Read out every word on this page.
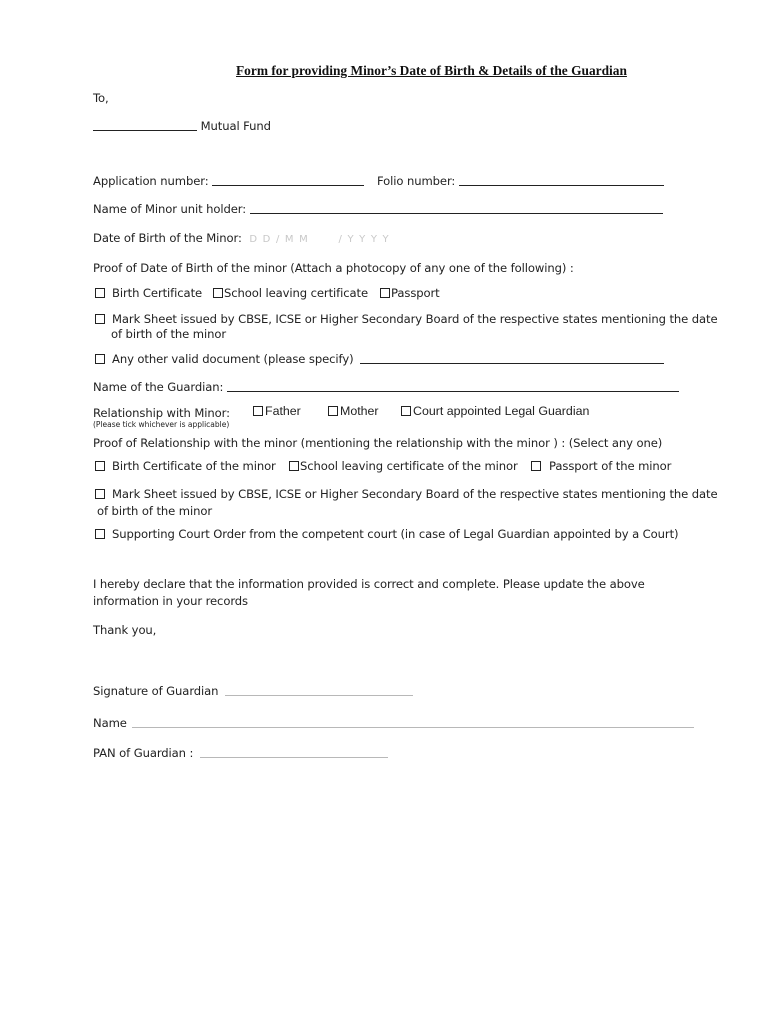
Form for providing Minor’s Date of Birth & Details of the Guardian
To,
Mutual Fund
Application number:	Folio number:
Name of Minor unit holder:
Date of Birth of the Minor: D D / M M	/ Y Y Y Y
Proof of Date of Birth of the minor (Attach a photocopy of any one of the following) :
Birth Certificate	School leaving certificate	Passport
Mark Sheet issued by CBSE, ICSE or Higher Secondary Board of the respective states mentioning the date
of birth of the minor
Any other valid document (please specify)
Name of the Guardian:
Relationship with Minor:
(Please tick whichever is applicable)
Father	Mother	Court appointed Legal Guardian
Proof of Relationship with the minor (mentioning the relationship with the minor ) : (Select any one)
Birth Certificate of the minor	School leaving certificate of the minor	Passport of the minor
Mark Sheet issued by CBSE, ICSE or Higher Secondary Board of the respective states mentioning the date
of birth of the minor
Supporting Court Order from the competent court (in case of Legal Guardian appointed by a Court)
I hereby declare that the information provided is correct and complete. Please update the above
information in your records
Thank you,
Signature of Guardian
Name
PAN of Guardian :
